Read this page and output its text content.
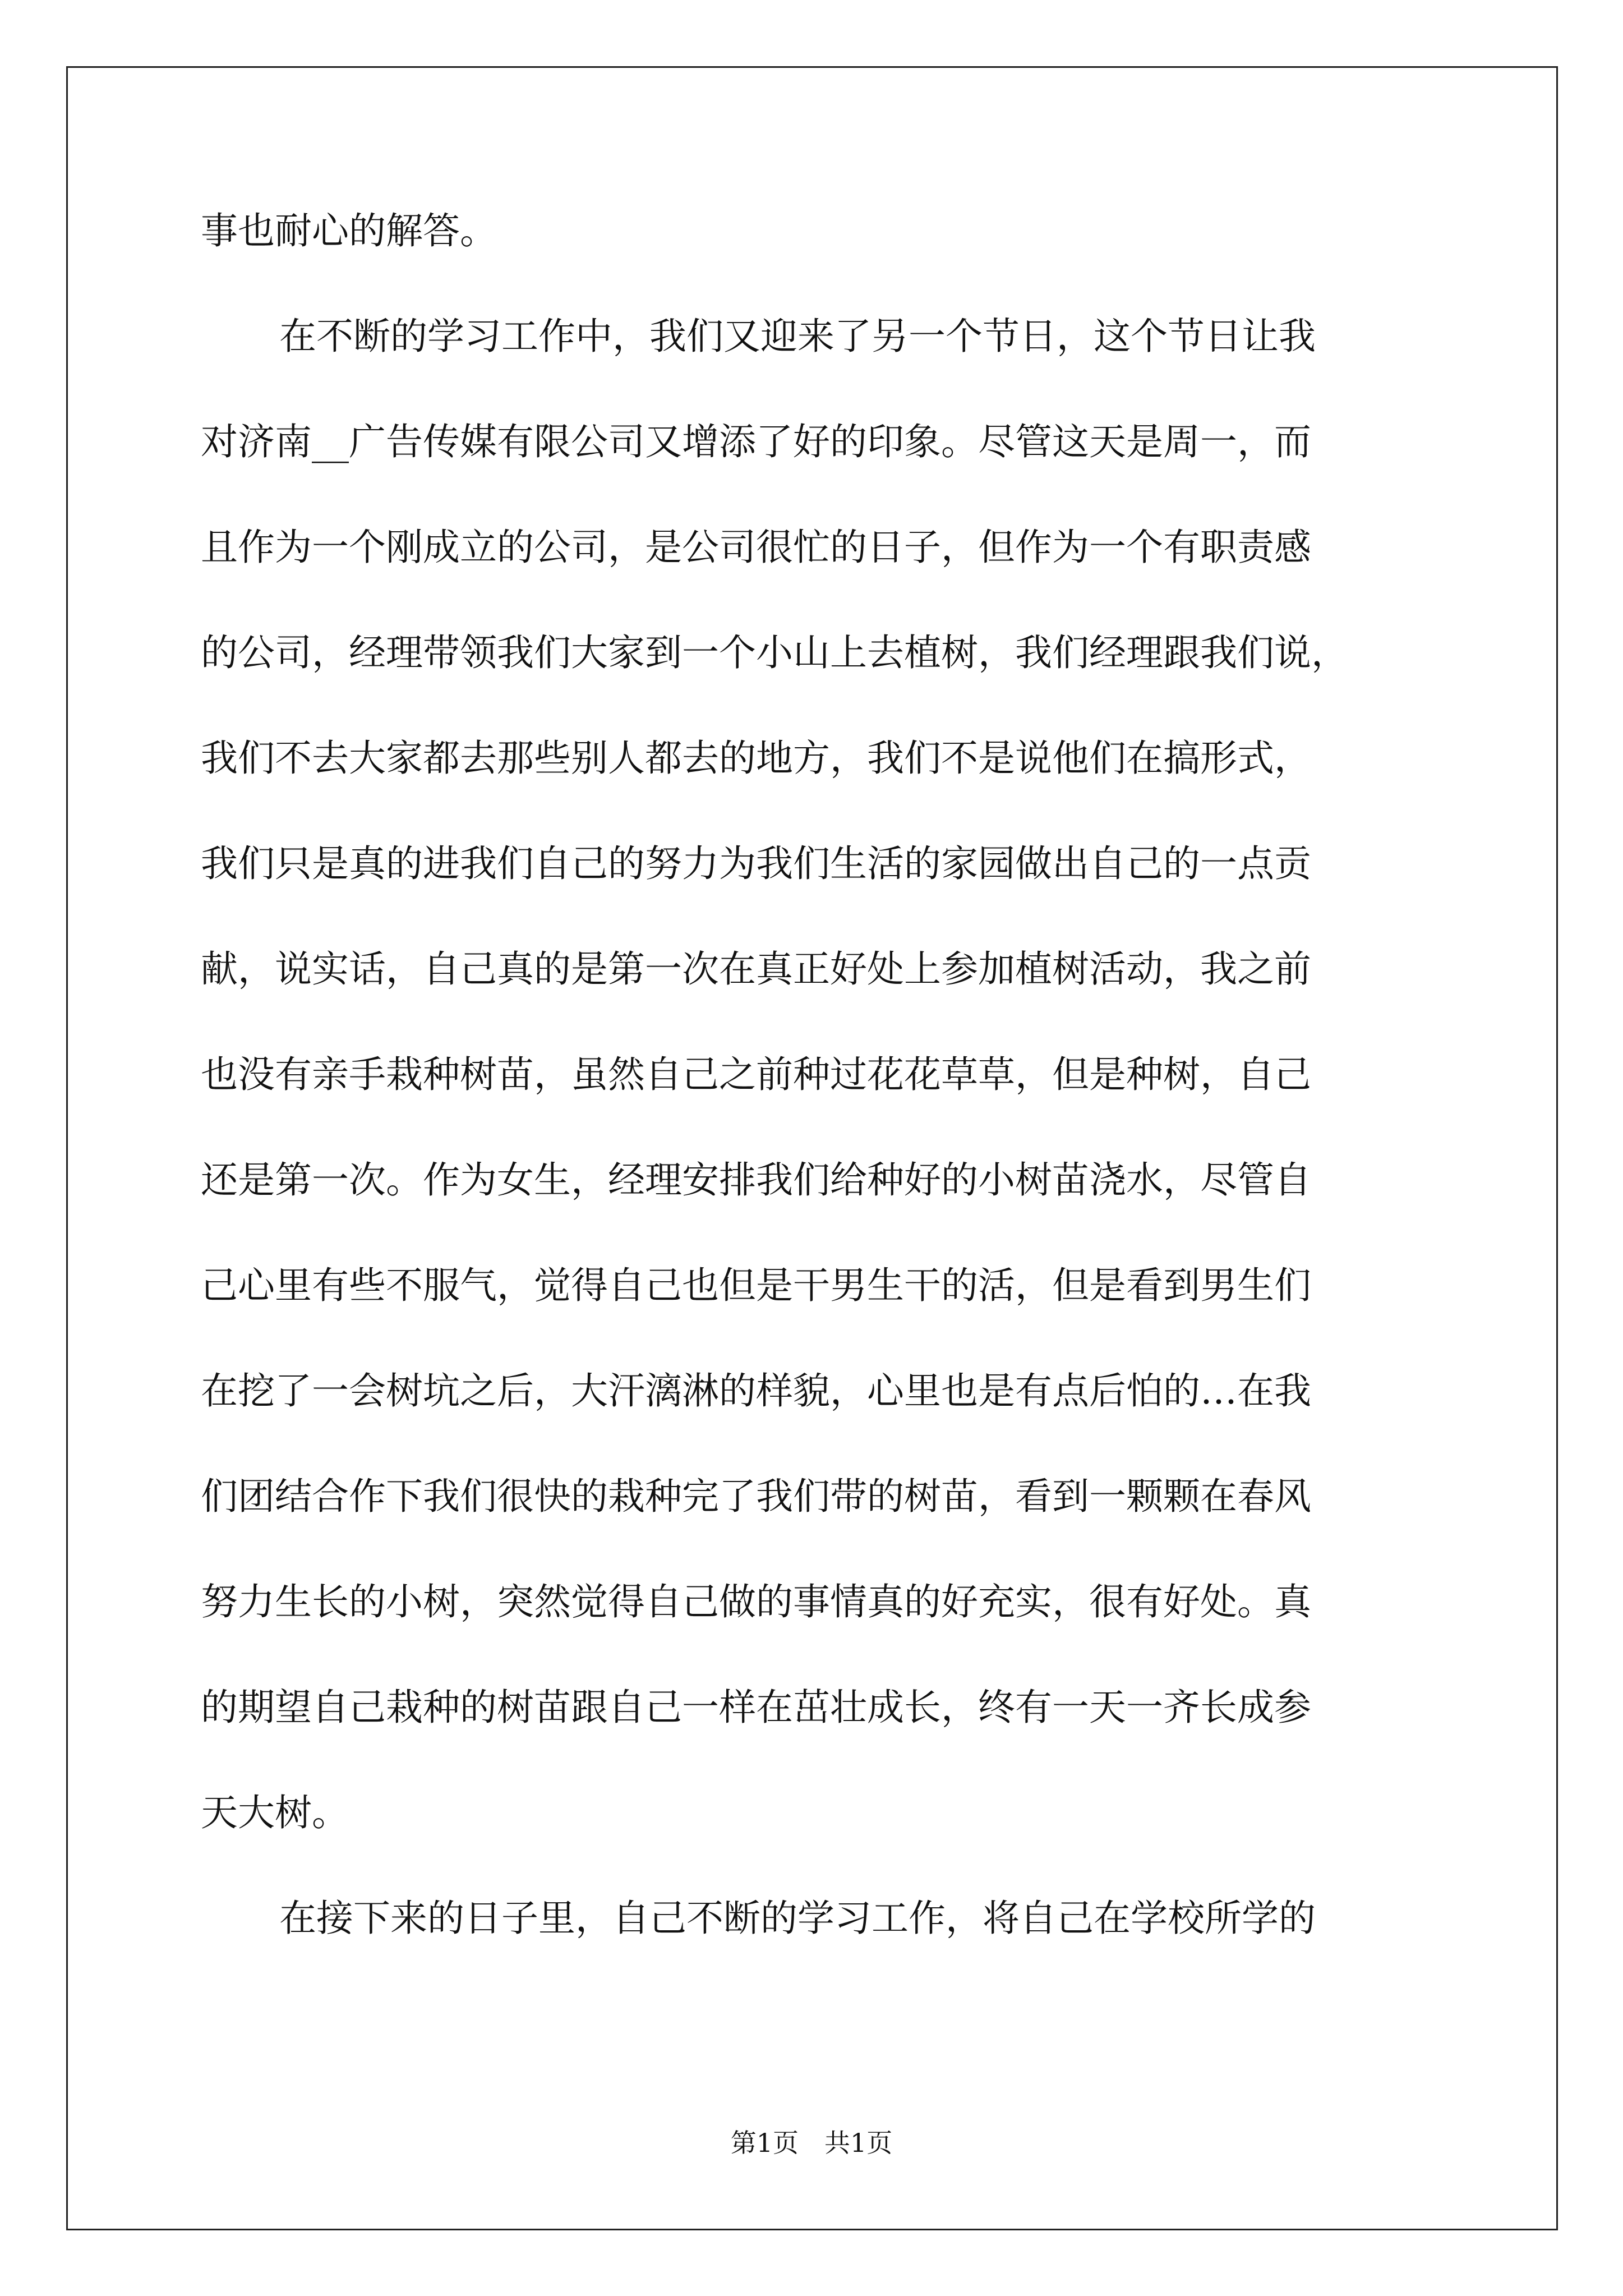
事也耐心的解答。
在不断的学习工作中，我们又迎来了另一个节日，这个节日让我
对济南__广告传媒有限公司又增添了好的印象。尽管这天是周一，而
且作为一个刚成立的公司，是公司很忙的日子，但作为一个有职责感
的公司，经理带领我们大家到一个小山上去植树，我们经理跟我们说，
我们不去大家都去那些别人都去的地方，我们不是说他们在搞形式，
我们只是真的进我们自己的努力为我们生活的家园做出自己的一点贡
献，说实话，自己真的是第一次在真正好处上参加植树活动，我之前
也没有亲手栽种树苗，虽然自己之前种过花花草草，但是种树，自己
还是第一次。作为女生，经理安排我们给种好的小树苗浇水，尽管自
己心里有些不服气，觉得自己也但是干男生干的活，但是看到男生们
在挖了一会树坑之后，大汗漓淋的样貌，心里也是有点后怕的…在我
们团结合作下我们很快的栽种完了我们带的树苗，看到一颗颗在春风
努力生长的小树，突然觉得自己做的事情真的好充实，很有好处。真
的期望自己栽种的树苗跟自己一样在茁壮成长，终有一天一齐长成参
天大树。
在接下来的日子里，自己不断的学习工作，将自己在学校所学的
第1页 共1页
